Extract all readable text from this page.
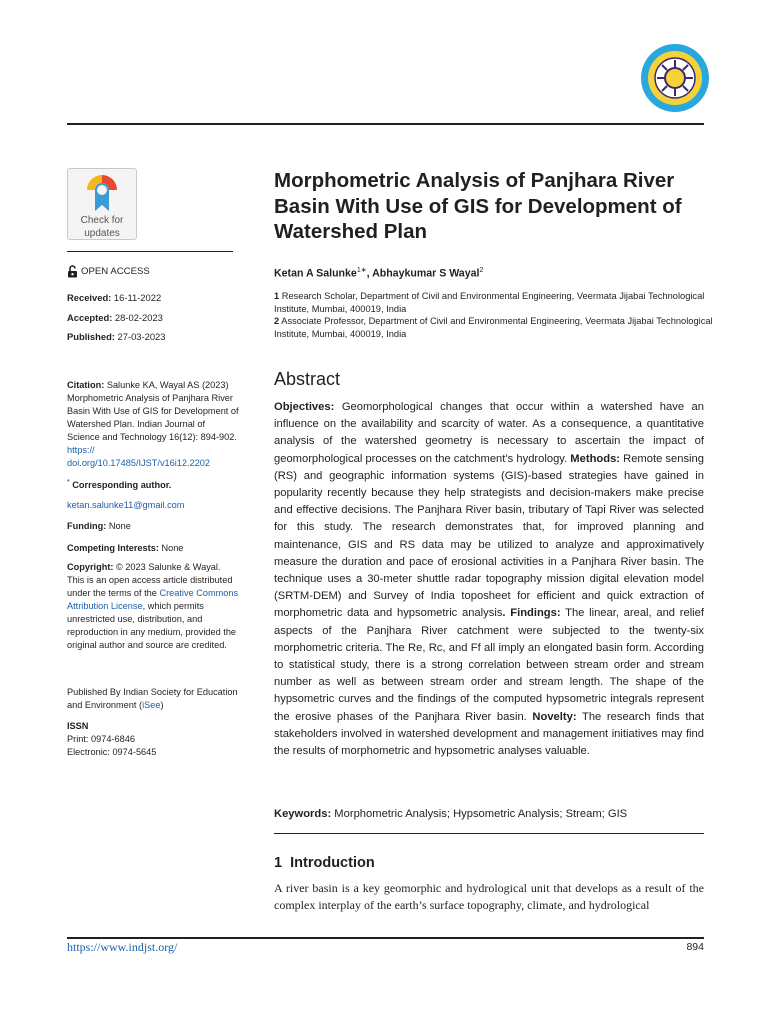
Check for
updates
OPEN ACCESS
Received: 16-11-2022
Accepted: 28-02-2023
Published: 27-03-2023
Citation: Salunke KA, Wayal AS (2023) Morphometric Analysis of Panjhara River Basin With Use of GIS for Development of Watershed Plan. Indian Journal of Science and Technology 16(12): 894-902. https:// doi.org/10.17485/IJST/v16i12.2202
* Corresponding author.
ketan.salunke11@gmail.com
Funding: None
Competing Interests: None
Copyright: © 2023 Salunke & Wayal. This is an open access article distributed under the terms of the Creative Commons Attribution License, which permits unrestricted use, distribution, and reproduction in any medium, provided the original author and source are credited.
Published By Indian Society for Education and Environment (iSee)
ISSN
Print: 0974-6846
Electronic: 0974-5645
Morphometric Analysis of Panjhara River Basin With Use of GIS for Development of Watershed Plan
Ketan A Salunke$^{1∗}$, Abhaykumar S Wayal$^2$
1 Research Scholar, Department of Civil and Environmental Engineering, Veermata Jijabai Technological Institute, Mumbai, 400019, India
2 Associate Professor, Department of Civil and Environmental Engineering, Veermata Jijabai Technological Institute, Mumbai, 400019, India
Abstract
Objectives: Geomorphological changes that occur within a watershed have an influence on the availability and scarcity of water. As a consequence, a quantitative analysis of the watershed geometry is necessary to ascertain the impact of geomorphological processes on the catchment’s hydrology. Methods: Remote sensing (RS) and geographic information systems (GIS)-based strategies have gained in popularity recently because they help strategists and decision-makers make precise and effective decisions. The Panjhara River basin, tributary of Tapi River was selected for this study. The research demonstrates that, for improved planning and maintenance, GIS and RS data may be utilized to analyze and approximatively measure the duration and pace of erosional activities in a Panjhara River basin. The technique uses a 30-meter shuttle radar topography mission digital elevation model (SRTM-DEM) and Survey of India toposheet for efficient and quick extraction of morphometric data and hypsometric analysis. Findings: The linear, areal, and relief aspects of the Panjhara River catchment were subjected to the twenty-six morphometric criteria. The Re, Rc, and Ff all imply an elongated basin form. According to statistical study, there is a strong correlation between stream order and stream number as well as between stream order and stream length. The shape of the hypsometric curves and the findings of the computed hypsometric integrals represent the erosive phases of the Panjhara River basin. Novelty: The research finds that stakeholders involved in watershed development and management initiatives may find the results of morphometric and hypsometric analyses valuable.
Keywords: Morphometric Analysis; Hypsometric Analysis; Stream; GIS
1  Introduction
A river basin is a key geomorphic and hydrological unit that develops as a result of the complex interplay of the earth’s surface topography, climate, and hydrological
https://www.indjst.org/	894
